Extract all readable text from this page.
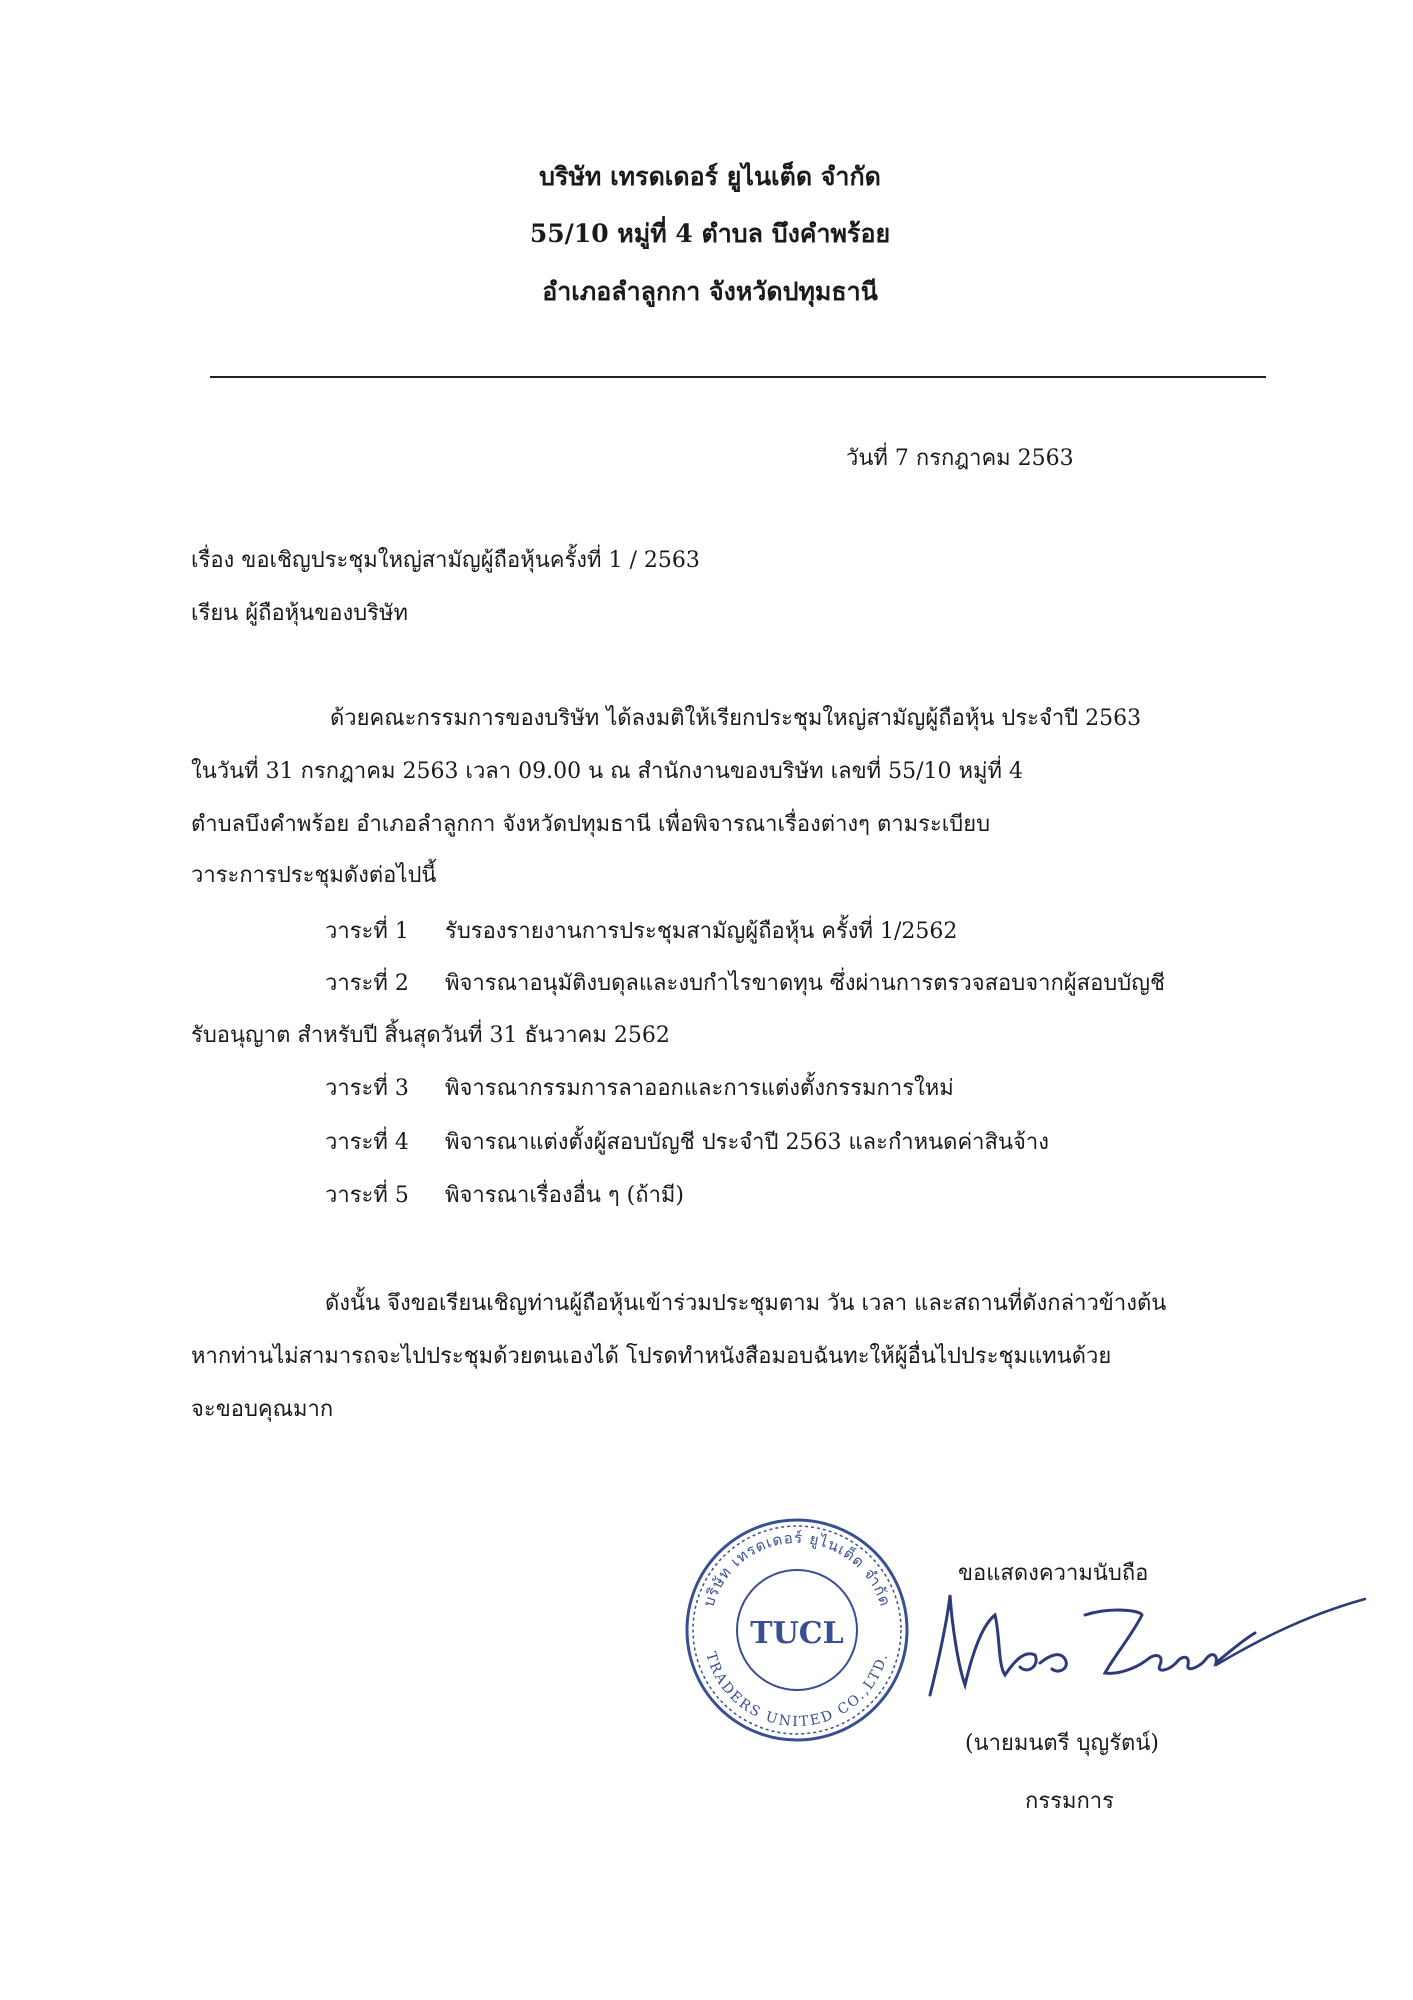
บริษัท เทรดเดอร์ ยูไนเต็ด จำกัด
55/10 หมู่ที่ 4 ตำบล บึงคำพร้อย
อำเภอลำลูกกา จังหวัดปทุมธานี
วันที่ 7 กรกฎาคม 2563
เรื่อง ขอเชิญประชุมใหญ่สามัญผู้ถือหุ้นครั้งที่ 1 / 2563
เรียน ผู้ถือหุ้นของบริษัท
ด้วยคณะกรรมการของบริษัท ได้ลงมติให้เรียกประชุมใหญ่สามัญผู้ถือหุ้น ประจำปี 2563
ในวันที่ 31 กรกฎาคม 2563 เวลา 09.00 น ณ สำนักงานของบริษัท เลขที่ 55/10 หมู่ที่ 4
ตำบลบึงคำพร้อย อำเภอลำลูกกา จังหวัดปทุมธานี เพื่อพิจารณาเรื่องต่างๆ ตามระเบียบ
วาระการประชุมดังต่อไปนี้
วาระที่ 1 รับรองรายงานการประชุมสามัญผู้ถือหุ้น ครั้งที่ 1/2562
วาระที่ 2 พิจารณาอนุมัติงบดุลและงบกำไรขาดทุน ซึ่งผ่านการตรวจสอบจากผู้สอบบัญชี
รับอนุญาต สำหรับปี สิ้นสุดวันที่ 31 ธันวาคม 2562
วาระที่ 3 พิจารณากรรมการลาออกและการแต่งตั้งกรรมการใหม่
วาระที่ 4 พิจารณาแต่งตั้งผู้สอบบัญชี ประจำปี 2563 และกำหนดค่าสินจ้าง
วาระที่ 5 พิจารณาเรื่องอื่น ๆ (ถ้ามี)
ดังนั้น จึงขอเรียนเชิญท่านผู้ถือหุ้นเข้าร่วมประชุมตาม วัน เวลา และสถานที่ดังกล่าวข้างต้น
หากท่านไม่สามารถจะไปประชุมด้วยตนเองได้ โปรดทำหนังสือมอบฉันทะให้ผู้อื่นไปประชุมแทนด้วย
จะขอบคุณมาก
บริษัท เทรดเดอร์ ยูไนเต็ด จำกัด
TRADERS UNITED CO.,LTD.
TUCL
ขอแสดงความนับถือ
(นายมนตรี บุญรัตน์)
กรรมการ
